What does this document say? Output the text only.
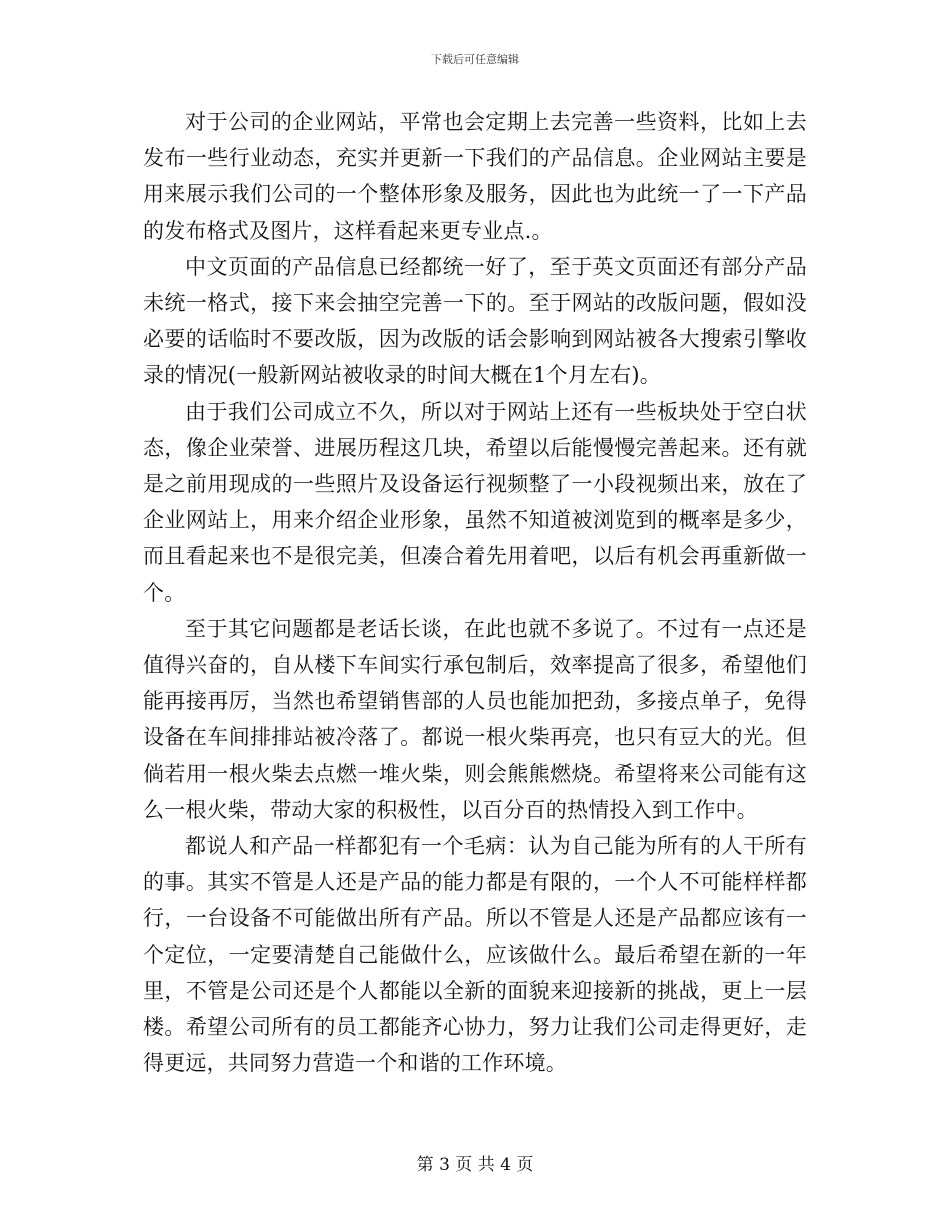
下载后可任意编辑

对于公司的企业网站，平常也会定期上去完善一些资料，比如上去发布一些行业动态，充实并更新一下我们的产品信息。企业网站主要是用来展示我们公司的一个整体形象及服务，因此也为此统一了一下产品的发布格式及图片，这样看起来更专业点.。

中文页面的产品信息已经都统一好了，至于英文页面还有部分产品未统一格式，接下来会抽空完善一下的。至于网站的改版问题，假如没必要的话临时不要改版，因为改版的话会影响到网站被各大搜索引擎收录的情况(一般新网站被收录的时间大概在1个月左右)。

由于我们公司成立不久，所以对于网站上还有一些板块处于空白状态，像企业荣誉、进展历程这几块，希望以后能慢慢完善起来。还有就是之前用现成的一些照片及设备运行视频整了一小段视频出来，放在了企业网站上，用来介绍企业形象，虽然不知道被浏览到的概率是多少，而且看起来也不是很完美，但凑合着先用着吧，以后有机会再重新做一个。

至于其它问题都是老话长谈，在此也就不多说了。不过有一点还是值得兴奋的，自从楼下车间实行承包制后，效率提高了很多，希望他们能再接再厉，当然也希望销售部的人员也能加把劲，多接点单子，免得设备在车间排排站被冷落了。都说一根火柴再亮，也只有豆大的光。但倘若用一根火柴去点燃一堆火柴，则会熊熊燃烧。希望将来公司能有这么一根火柴，带动大家的积极性，以百分百的热情投入到工作中。

都说人和产品一样都犯有一个毛病：认为自己能为所有的人干所有的事。其实不管是人还是产品的能力都是有限的，一个人不可能样样都行，一台设备不可能做出所有产品。所以不管是人还是产品都应该有一个定位，一定要清楚自己能做什么，应该做什么。最后希望在新的一年里，不管是公司还是个人都能以全新的面貌来迎接新的挑战，更上一层楼。希望公司所有的员工都能齐心协力，努力让我们公司走得更好，走得更远，共同努力营造一个和谐的工作环境。

第 3 页 共 4 页
